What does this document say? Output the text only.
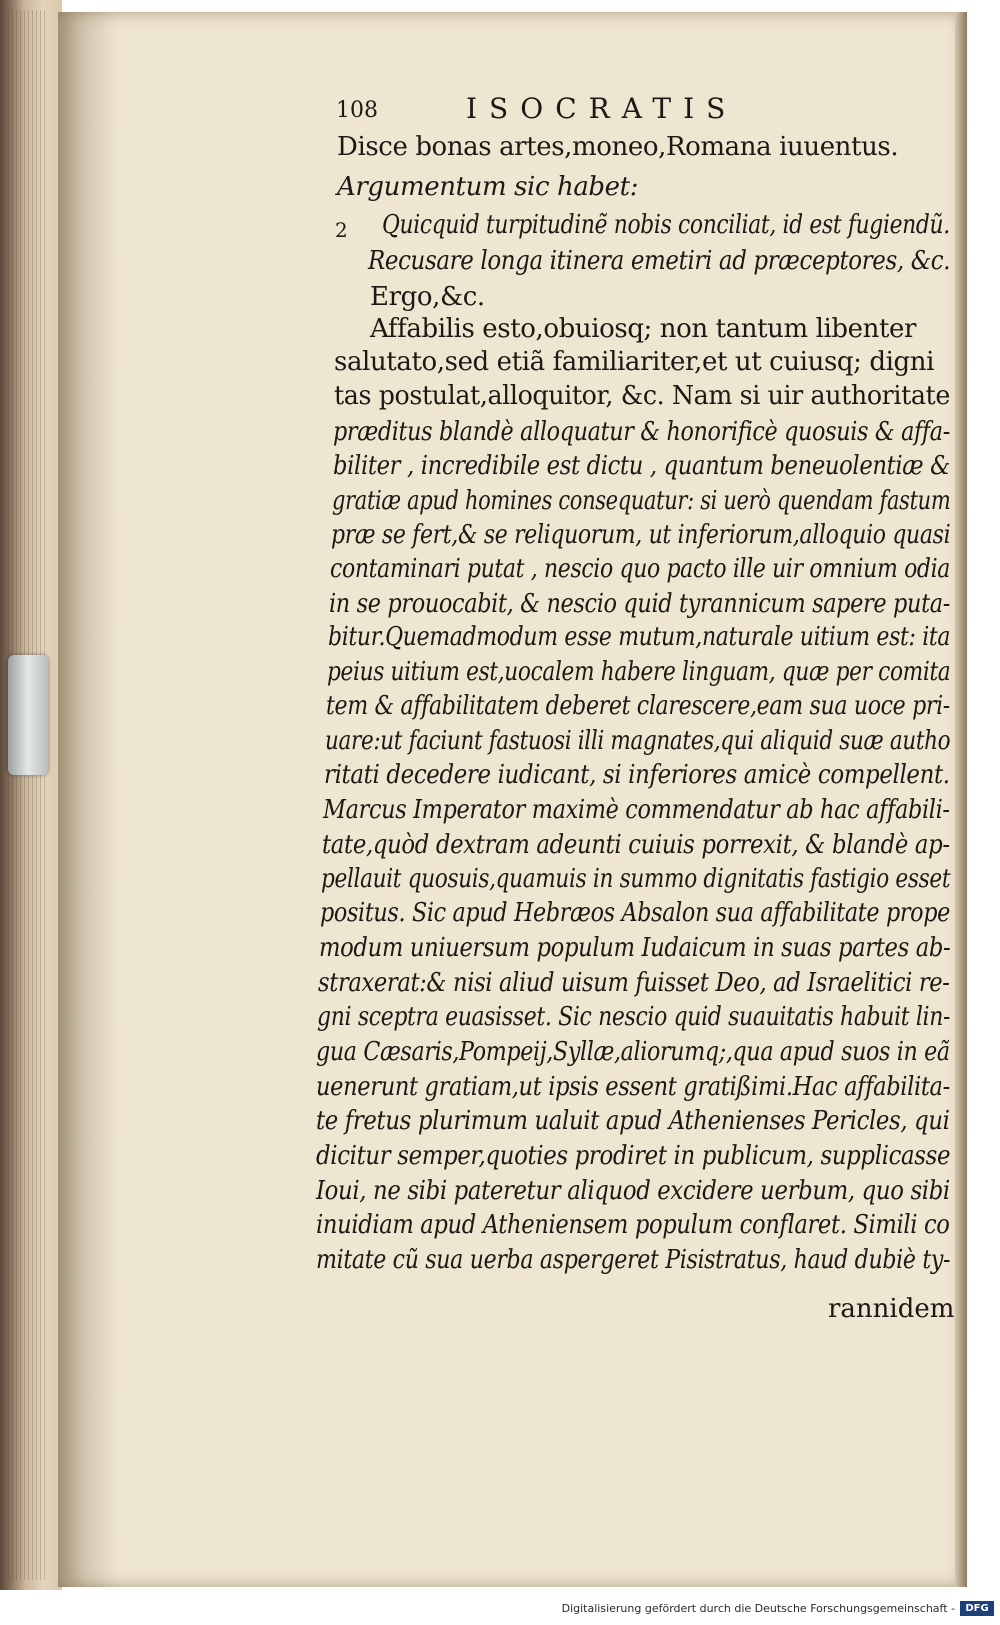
108	ISOCRATIS
2
Disce bonas artes,moneo,Romana iuuentus.
Argumentum sic habet:
Quicquid turpitudinẽ nobis conciliat, id est fugiendũ.
Recusare longa itinera emetiri ad præceptores, &c.
Ergo,&c.
Affabilis esto,obuiosq; non tantum libenter
salutato,sed etiã familiariter,et ut cuiusq; digni
tas postulat,alloquitor, &c. Nam si uir authoritate
præditus blandè alloquatur & honorificè quosuis & affa-
biliter , incredibile est dictu , quantum beneuolentiæ &
gratiæ apud homines consequatur: si uerò quendam fastum
præ se fert,& se reliquorum, ut inferiorum,alloquio quasi
contaminari putat , nescio quo pacto ille uir omnium odia
in se prouocabit, & nescio quid tyrannicum sapere puta-
bitur.Quemadmodum esse mutum,naturale uitium est: ita
peius uitium est,uocalem habere linguam, quæ per comita
tem & affabilitatem deberet clarescere,eam sua uoce pri-
uare:ut faciunt fastuosi illi magnates,qui aliquid suæ autho
ritati decedere iudicant, si inferiores amicè compellent.
Marcus Imperator maximè commendatur ab hac affabili-
tate,quòd dextram adeunti cuiuis porrexit, & blandè ap-
pellauit quosuis,quamuis in summo dignitatis fastigio esset
positus. Sic apud Hebræos Absalon sua affabilitate prope
modum uniuersum populum Iudaicum in suas partes ab-
straxerat:& nisi aliud uisum fuisset Deo, ad Israelitici re-
gni sceptra euasisset. Sic nescio quid suauitatis habuit lin-
gua Cæsaris,Pompeij,Syllæ,aliorumq;,qua apud suos in eã
uenerunt gratiam,ut ipsis essent gratißimi.Hac affabilita-
te fretus plurimum ualuit apud Athenienses Pericles, qui
dicitur semper,quoties prodiret in publicum, supplicasse
Ioui, ne sibi pateretur aliquod excidere uerbum, quo sibi
inuidiam apud Atheniensem populum conflaret. Simili co
mitate cũ sua uerba aspergeret Pisistratus, haud dubiè ty-
rannidem
Digitalisierung gefördert durch die Deutsche Forschungsgemeinschaft -	DFG
